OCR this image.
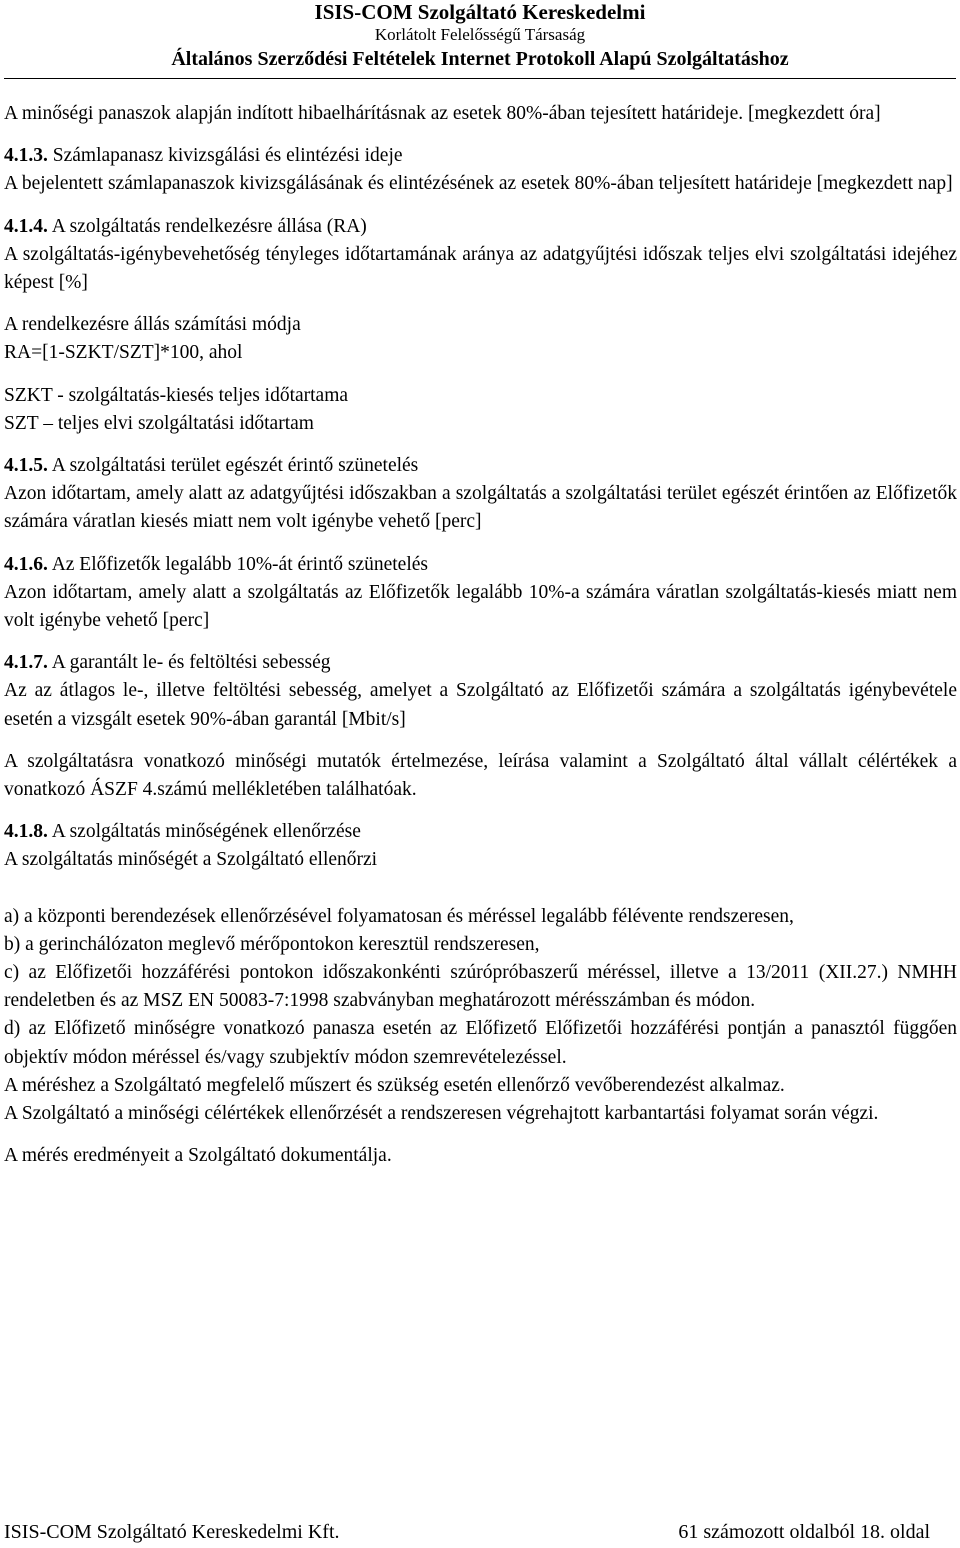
ISIS-COM Szolgáltató Kereskedelmi
Korlátolt Felelősségű Társaság
Általános Szerződési Feltételek Internet Protokoll Alapú Szolgáltatáshoz

A minőségi panaszok alapján indított hibaelhárításnak az esetek 80%-ában tejesített határideje. [megkezdett óra]

4.1.3. Számlapanasz kivizsgálási és elintézési ideje

A bejelentett számlapanaszok kivizsgálásának és elintézésének az esetek 80%-ában teljesített határideje [megkezdett nap]

4.1.4. A szolgáltatás rendelkezésre állása (RA)

A szolgáltatás-igénybevehetőség tényleges időtartamának aránya az adatgyűjtési időszak teljes elvi szolgáltatási idejéhez képest [%]

A rendelkezésre állás számítási módja

RA=[1-SZKT/SZT]*100, ahol

SZKT - szolgáltatás-kiesés teljes időtartama

SZT – teljes elvi szolgáltatási időtartam

4.1.5. A szolgáltatási terület egészét érintő szünetelés

Azon időtartam, amely alatt az adatgyűjtési időszakban a szolgáltatás a szolgáltatási terület egészét érintően az Előfizetők számára váratlan kiesés miatt nem volt igénybe vehető [perc]

4.1.6. Az Előfizetők legalább 10%-át érintő szünetelés

Azon időtartam, amely alatt a szolgáltatás az Előfizetők legalább 10%-a számára váratlan szolgáltatás-kiesés miatt nem volt igénybe vehető [perc]

4.1.7. A garantált le- és feltöltési sebesség

Az az átlagos le-, illetve feltöltési sebesség, amelyet a Szolgáltató az Előfizetői számára a szolgáltatás igénybevétele esetén a vizsgált esetek 90%-ában garantál [Mbit/s]

A szolgáltatásra vonatkozó minőségi mutatók értelmezése, leírása valamint a Szolgáltató által vállalt célértékek a vonatkozó ÁSZF 4.számú mellékletében találhatóak.

4.1.8. A szolgáltatás minőségének ellenőrzése

A szolgáltatás minőségét a Szolgáltató ellenőrzi

a) a központi berendezések ellenőrzésével folyamatosan és méréssel legalább félévente rendszeresen,

b) a gerinchálózaton meglevő mérőpontokon keresztül rendszeresen,

c) az Előfizetői hozzáférési pontokon időszakonkénti szúrópróbaszerű méréssel, illetve a 13/2011 (XII.27.) NMHH rendeletben és az MSZ EN 50083-7:1998 szabványban meghatározott mérésszámban és módon.

d) az Előfizető minőségre vonatkozó panasza esetén az Előfizető Előfizetői hozzáférési pontján a panasztól függően objektív módon méréssel és/vagy szubjektív módon szemrevételezéssel.

A méréshez a Szolgáltató megfelelő műszert és szükség esetén ellenőrző vevőberendezést alkalmaz.

A Szolgáltató a minőségi célértékek ellenőrzését a rendszeresen végrehajtott karbantartási folyamat során végzi.

A mérés eredményeit a Szolgáltató dokumentálja.

ISIS-COM Szolgáltató Kereskedelmi Kft.	61 számozott oldalból 18. oldal
